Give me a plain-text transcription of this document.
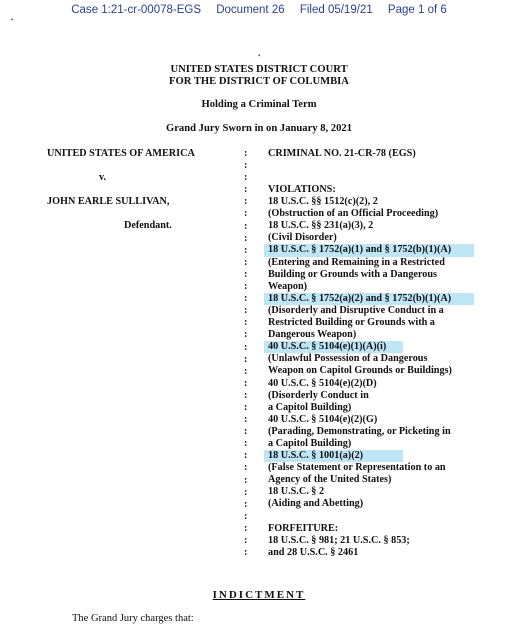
Case 1:21-cr-00078-EGS Document 26 Filed 05/19/21 Page 1 of 6
•
•
UNITED STATES DISTRICT COURT
FOR THE DISTRICT OF COLUMBIA
Holding a Criminal Term
Grand Jury Sworn in on January 8, 2021
UNITED STATES OF AMERICA
v.
JOHN EARLE SULLIVAN,
Defendant.
CRIMINAL NO. 21-CR-78 (EGS)
:
:
:
:
:
:
:
:
:
:
:
:
:
:
:
:
:
:
:
:
:
:
:
:
:
:
:
:
:
:
:
:
:
:
VIOLATIONS:
18 U.S.C. §§ 1512(c)(2), 2
(Obstruction of an Official Proceeding)
18 U.S.C. §§ 231(a)(3), 2
(Civil Disorder)
18 U.S.C. § 1752(a)(1) and § 1752(b)(1)(A)
(Entering and Remaining in a Restricted
Building or Grounds with a Dangerous
Weapon)
18 U.S.C. § 1752(a)(2) and § 1752(b)(1)(A)
(Disorderly and Disruptive Conduct in a
Restricted Building or Grounds with a
Dangerous Weapon)
40 U.S.C. § 5104(e)(1)(A)(i)
(Unlawful Possession of a Dangerous
Weapon on Capitol Grounds or Buildings)
40 U.S.C. § 5104(e)(2)(D)
(Disorderly Conduct in
a Capitol Building)
40 U.S.C. § 5104(e)(2)(G)
(Parading, Demonstrating, or Picketing in
a Capitol Building)
18 U.S.C. § 1001(a)(2)
(False Statement or Representation to an
Agency of the United States)
18 U.S.C. § 2
(Aiding and Abetting)
FORFEITURE:
18 U.S.C. § 981; 21 U.S.C. § 853;
and 28 U.S.C. § 2461
INDICTMENT
The Grand Jury charges that:
